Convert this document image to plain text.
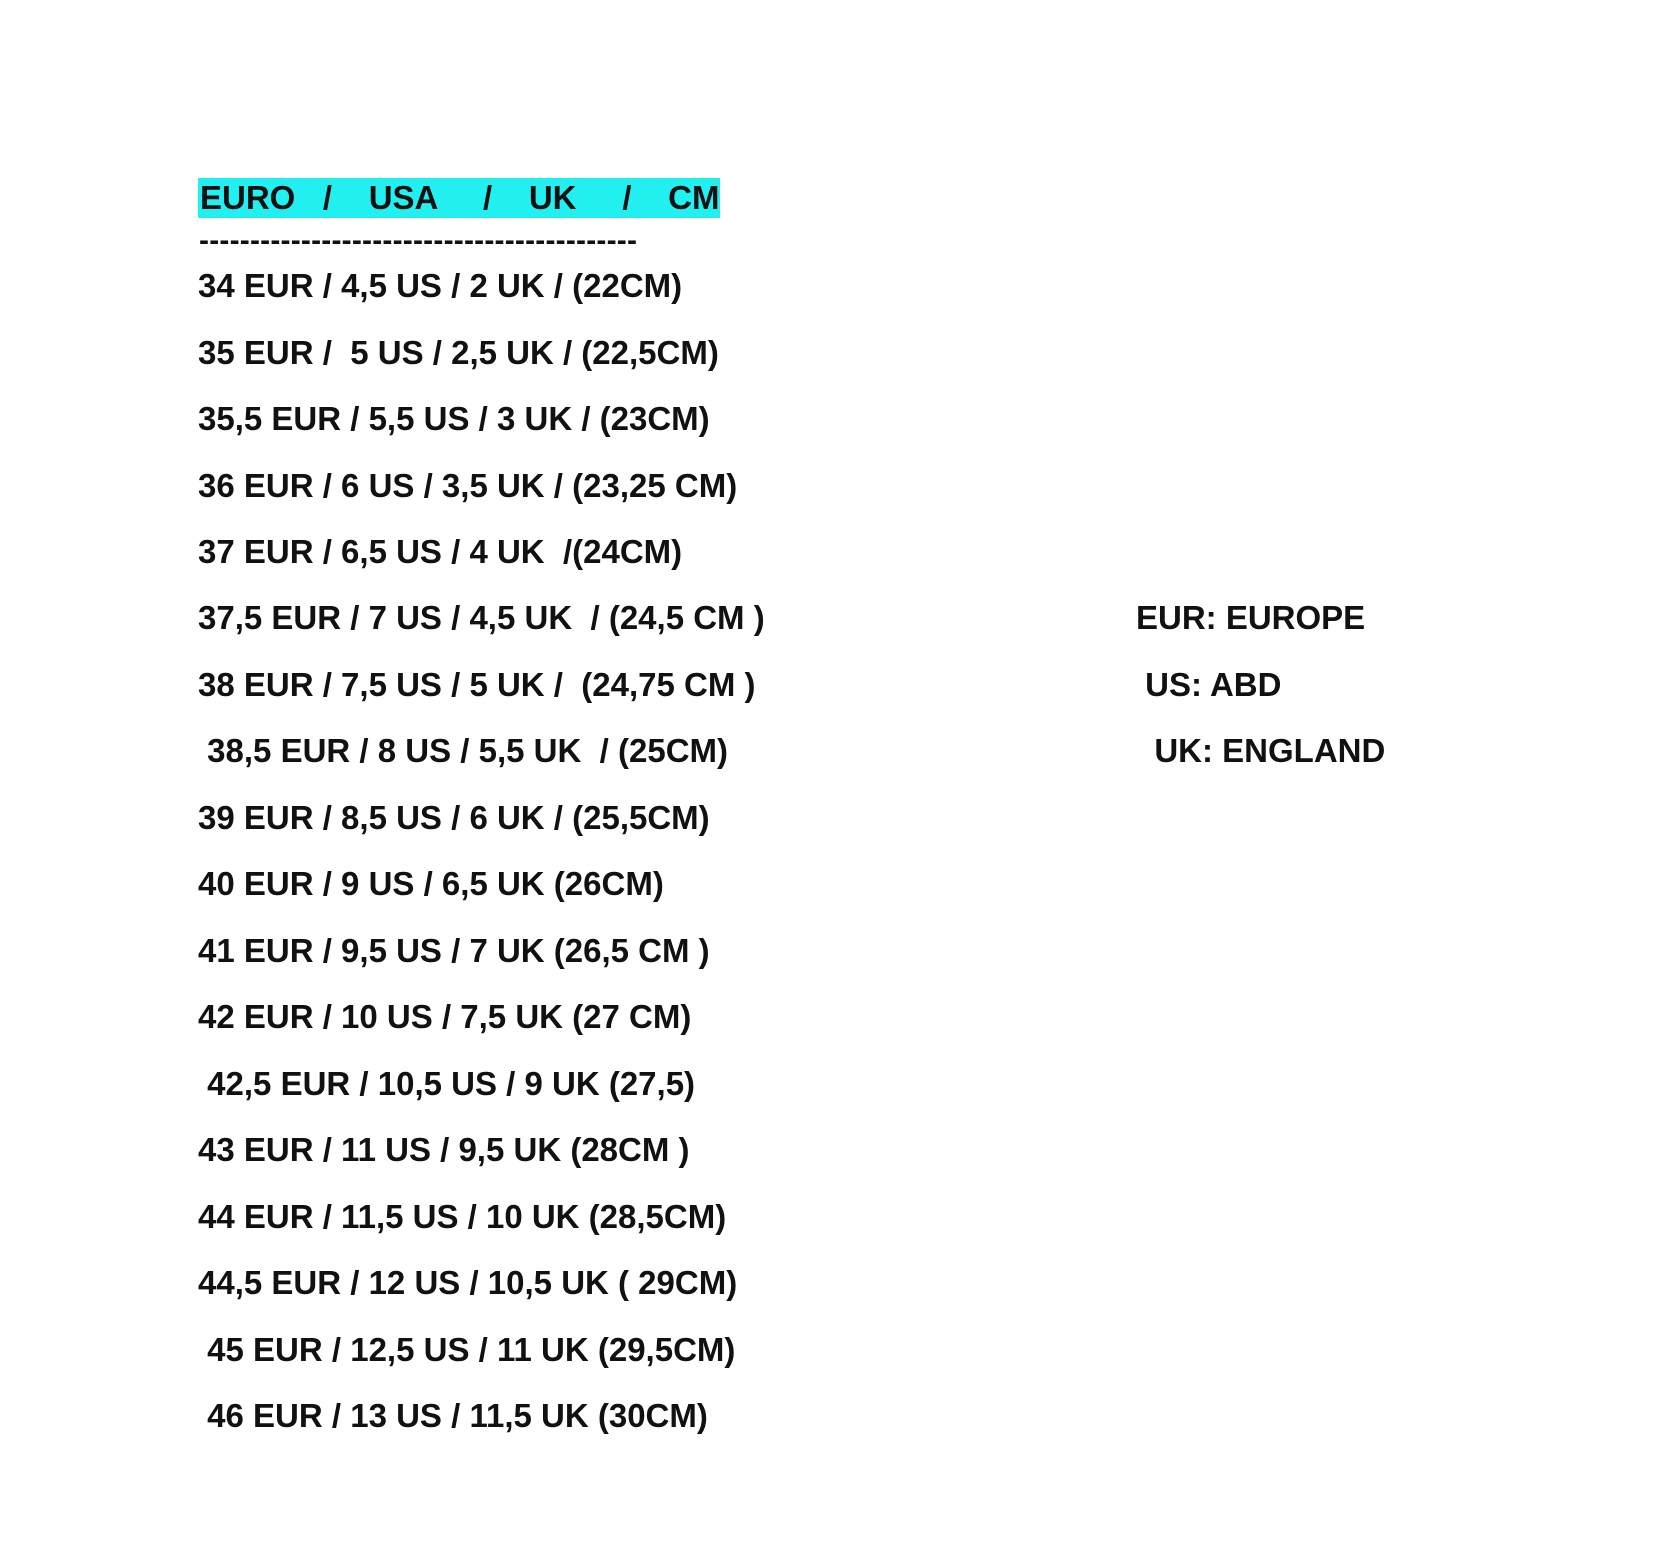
EURO   /    USA     /    UK     /    CM
-------------------------------------------
34 EUR / 4,5 US / 2 UK / (22CM)
35 EUR /  5 US / 2,5 UK / (22,5CM)
35,5 EUR / 5,5 US / 3 UK / (23CM)
36 EUR / 6 US / 3,5 UK / (23,25 CM)
37 EUR / 6,5 US / 4 UK  /(24CM)
37,5 EUR / 7 US / 4,5 UK  / (24,5 CM )
38 EUR / 7,5 US / 5 UK /  (24,75 CM )
38,5 EUR / 8 US / 5,5 UK  / (25CM)
39 EUR / 8,5 US / 6 UK / (25,5CM)
40 EUR / 9 US / 6,5 UK (26CM)
41 EUR / 9,5 US / 7 UK (26,5 CM )
42 EUR / 10 US / 7,5 UK (27 CM)
42,5 EUR / 10,5 US / 9 UK (27,5)
43 EUR / 11 US / 9,5 UK (28CM )
44 EUR / 11,5 US / 10 UK (28,5CM)
44,5 EUR / 12 US / 10,5 UK ( 29CM)
45 EUR / 12,5 US / 11 UK (29,5CM)
46 EUR / 13 US / 11,5 UK (30CM)
EUR: EUROPE
US: ABD
UK: ENGLAND
